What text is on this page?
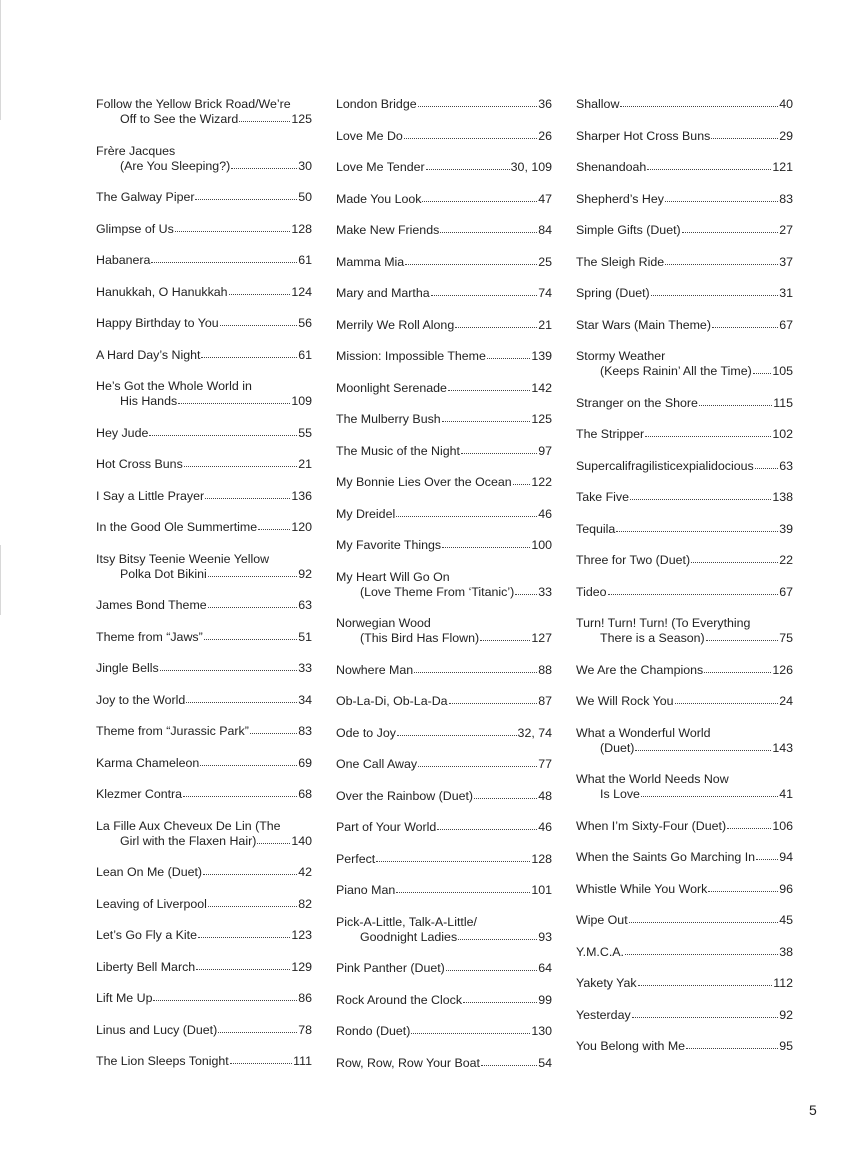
Follow the Yellow Brick Road/We’re
Off to See the Wizard	125
Frère Jacques
(Are You Sleeping?)	30
The Galway Piper	50
Glimpse of Us	128
Habanera	61
Hanukkah, O Hanukkah	124
Happy Birthday to You	56
A Hard Day’s Night	61
He’s Got the Whole World in
His Hands	109
Hey Jude	55
Hot Cross Buns	21
I Say a Little Prayer	136
In the Good Ole Summertime	120
Itsy Bitsy Teenie Weenie Yellow
Polka Dot Bikini	92
James Bond Theme	63
Theme from “Jaws”	51
Jingle Bells	33
Joy to the World	34
Theme from “Jurassic Park”	83
Karma Chameleon	69
Klezmer Contra	68
La Fille Aux Cheveux De Lin (The
Girl with the Flaxen Hair)	140
Lean On Me (Duet)	42
Leaving of Liverpool	82
Let’s Go Fly a Kite	123
Liberty Bell March	129
Lift Me Up	86
Linus and Lucy (Duet)	78
The Lion Sleeps Tonight	111
London Bridge	36
Love Me Do	26
Love Me Tender	30, 109
Made You Look	47
Make New Friends	84
Mamma Mia	25
Mary and Martha	74
Merrily We Roll Along	21
Mission: Impossible Theme	139
Moonlight Serenade	142
The Mulberry Bush	125
The Music of the Night	97
My Bonnie Lies Over the Ocean 122
My Dreidel	46
My Favorite Things	100
My Heart Will Go On
(Love Theme From ‘Titanic’) 33
Norwegian Wood
(This Bird Has Flown)	127
Nowhere Man	88
Ob-La-Di, Ob-La-Da	87
Ode to Joy	32, 74
One Call Away	77
Over the Rainbow (Duet)	48
Part of Your World	46
Perfect	128
Piano Man	101
Pick-A-Little, Talk-A-Little/
Goodnight Ladies	93
Pink Panther (Duet)	64
Rock Around the Clock	99
Rondo (Duet)	130
Row, Row, Row Your Boat	54
Shallow	40
Sharper Hot Cross Buns	29
Shenandoah	121
Shepherd’s Hey	83
Simple Gifts (Duet)	27
The Sleigh Ride	37
Spring (Duet)	31
Star Wars (Main Theme)	67
Stormy Weather
(Keeps Rainin’ All the Time) 105
Stranger on the Shore	115
The Stripper	102
Supercalifragilisticexpialidocious 63
Take Five	138
Tequila	39
Three for Two (Duet)	22
Tideo	67
Turn! Turn! Turn! (To Everything
There is a Season)	75
We Are the Champions	126
We Will Rock You	24
What a Wonderful World
(Duet)	143
What the World Needs Now
Is Love	41
When I’m Sixty-Four (Duet)	106
When the Saints Go Marching In 94
Whistle While You Work	96
Wipe Out	45
Y.M.C.A.	38
Yakety Yak	112
Yesterday	92
You Belong with Me	95
5
